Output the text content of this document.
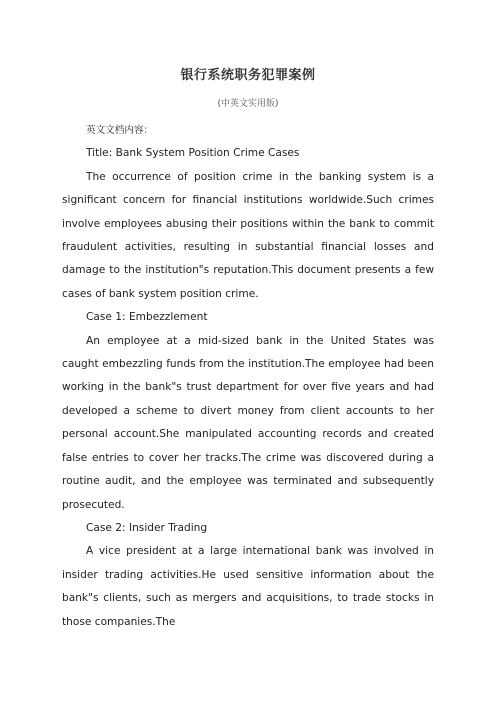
银行系统职务犯罪案例
(中英文实用版)

英文文档内容：

Title: Bank System Position Crime Cases

The occurrence of position crime in the banking system is a significant concern for financial institutions worldwide.Such crimes involve employees abusing their positions within the bank to commit fraudulent activities, resulting in substantial financial losses and damage to the institution"s reputation.This document presents a few cases of bank system position crime.

Case 1: Embezzlement

An employee at a mid-sized bank in the United States was caught embezzling funds from the institution.The employee had been working in the bank"s trust department for over five years and had developed a scheme to divert money from client accounts to her personal account.She manipulated accounting records and created false entries to cover her tracks.The crime was discovered during a routine audit, and the employee was terminated and subsequently prosecuted.

Case 2: Insider Trading

A vice president at a large international bank was involved in insider trading activities.He used sensitive information about the bank"s clients, such as mergers and acquisitions, to trade stocks in those companies.The
